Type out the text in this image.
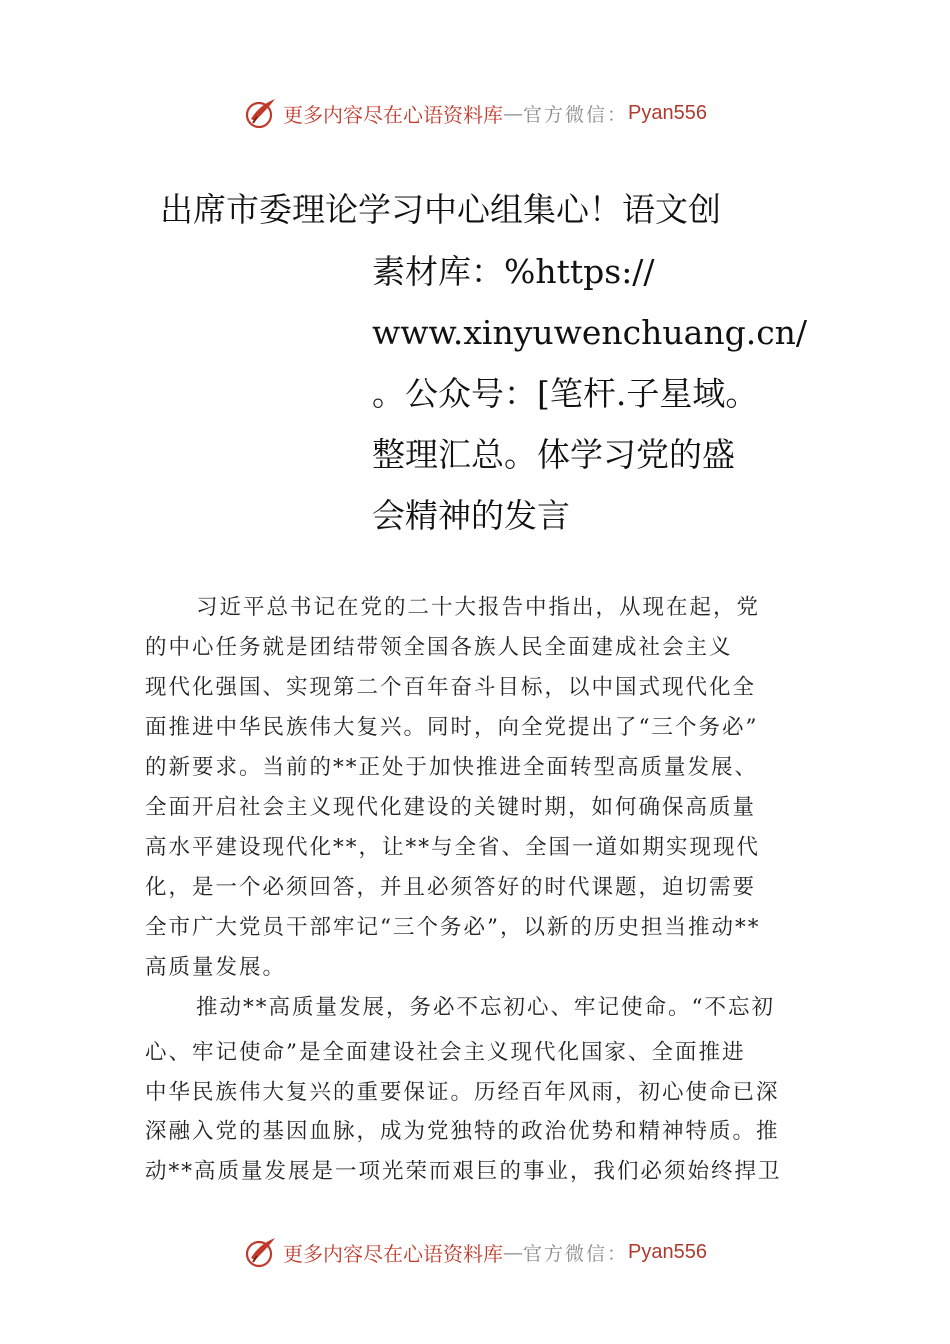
更多内容尽在心语资料库 — 官方微信： Pyan556
出席市委理论学习中心组集心！语文创
素材库：%https://
www.xinyuwenchuang.cn/
。公众号：[笔杆.子星域。
整理汇总。体学习党的盛
会精神的发言
习近平总书记在党的二十大报告中指出，从现在起，党
的中心任务就是团结带领全国各族人民全面建成社会主义
现代化强国、实现第二个百年奋斗目标，以中国式现代化全
面推进中华民族伟大复兴。同时，向全党提出了“三个务必”
的新要求。当前的**正处于加快推进全面转型高质量发展、
全面开启社会主义现代化建设的关键时期，如何确保高质量
高水平建设现代化**，让**与全省、全国一道如期实现现代
化，是一个必须回答，并且必须答好的时代课题，迫切需要
全市广大党员干部牢记“三个务必”，以新的历史担当推动**
高质量发展。
推动**高质量发展，务必不忘初心、牢记使命。“不忘初
心、牢记使命”是全面建设社会主义现代化国家、全面推进
中华民族伟大复兴的重要保证。历经百年风雨，初心使命已深
深融入党的基因血脉，成为党独特的政治优势和精神特质。推
动**高质量发展是一项光荣而艰巨的事业，我们必须始终捍卫
更多内容尽在心语资料库 — 官方微信： Pyan556
